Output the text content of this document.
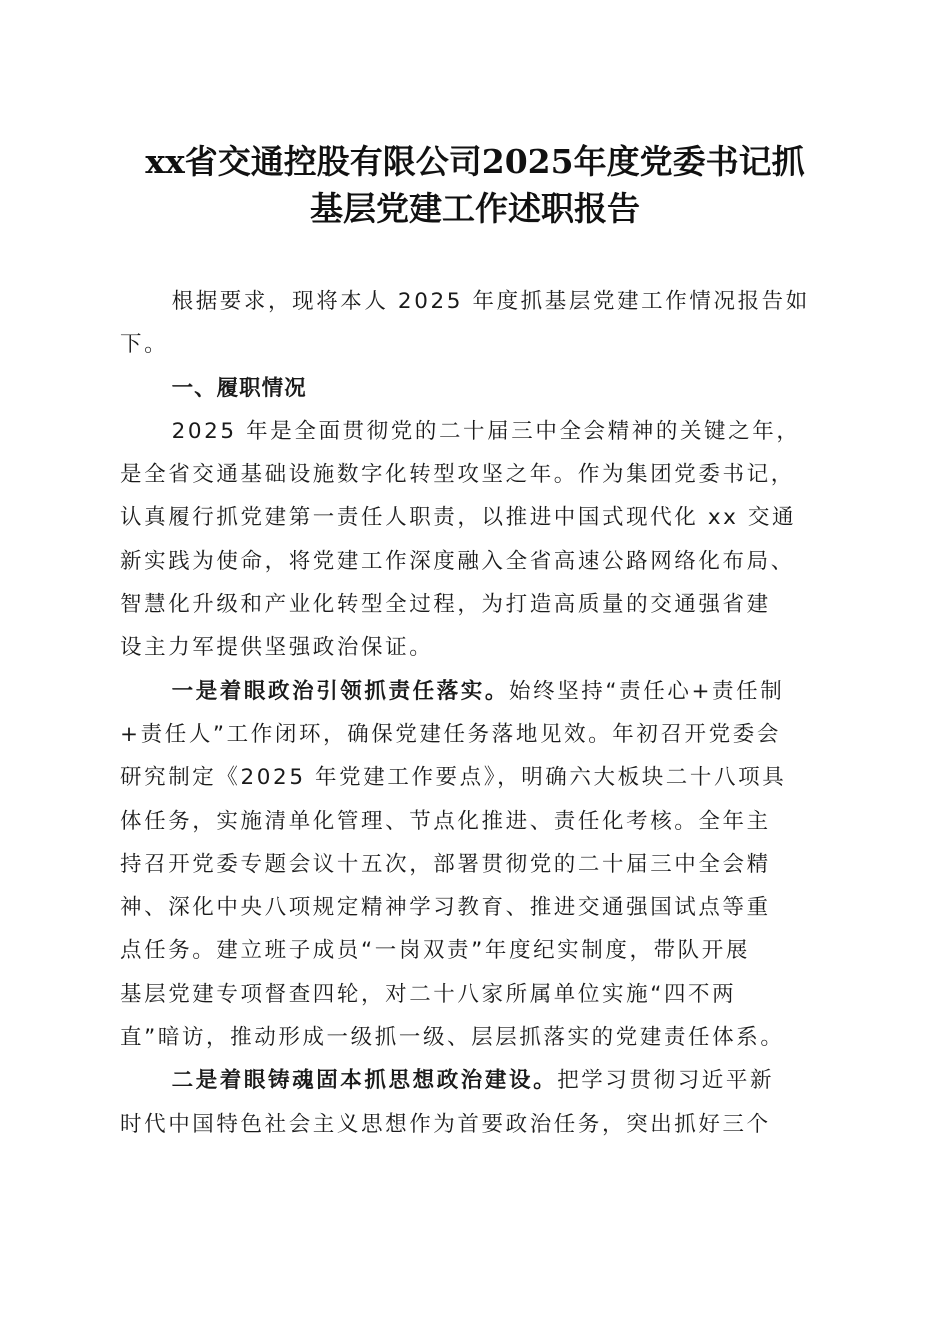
xx省交通控股有限公司2025年度党委书记抓
基层党建工作述职报告

根据要求，现将本人 2025 年度抓基层党建工作情况报告如
下。

一、履职情况

2025 年是全面贯彻党的二十届三中全会精神的关键之年，

是全省交通基础设施数字化转型攻坚之年。作为集团党委书记，
认真履行抓党建第一责任人职责，以推进中国式现代化 xx 交通
新实践为使命，将党建工作深度融入全省高速公路网络化布局、
智慧化升级和产业化转型全过程，为打造高质量的交通强省建
设主力军提供坚强政治保证。

一是着眼政治引领抓责任落实。始终坚持“责任心+责任制

+责任人”工作闭环，确保党建任务落地见效。年初召开党委会
研究制定《2025 年党建工作要点》，明确六大板块二十八项具
体任务，实施清单化管理、节点化推进、责任化考核。全年主
持召开党委专题会议十五次，部署贯彻党的二十届三中全会精
神、深化中央八项规定精神学习教育、推进交通强国试点等重
点任务。建立班子成员“一岗双责”年度纪实制度，带队开展
基层党建专项督查四轮，对二十八家所属单位实施“四不两
直”暗访，推动形成一级抓一级、层层抓落实的党建责任体系。

二是着眼铸魂固本抓思想政治建设。把学习贯彻习近平新

时代中国特色社会主义思想作为首要政治任务，突出抓好三个
